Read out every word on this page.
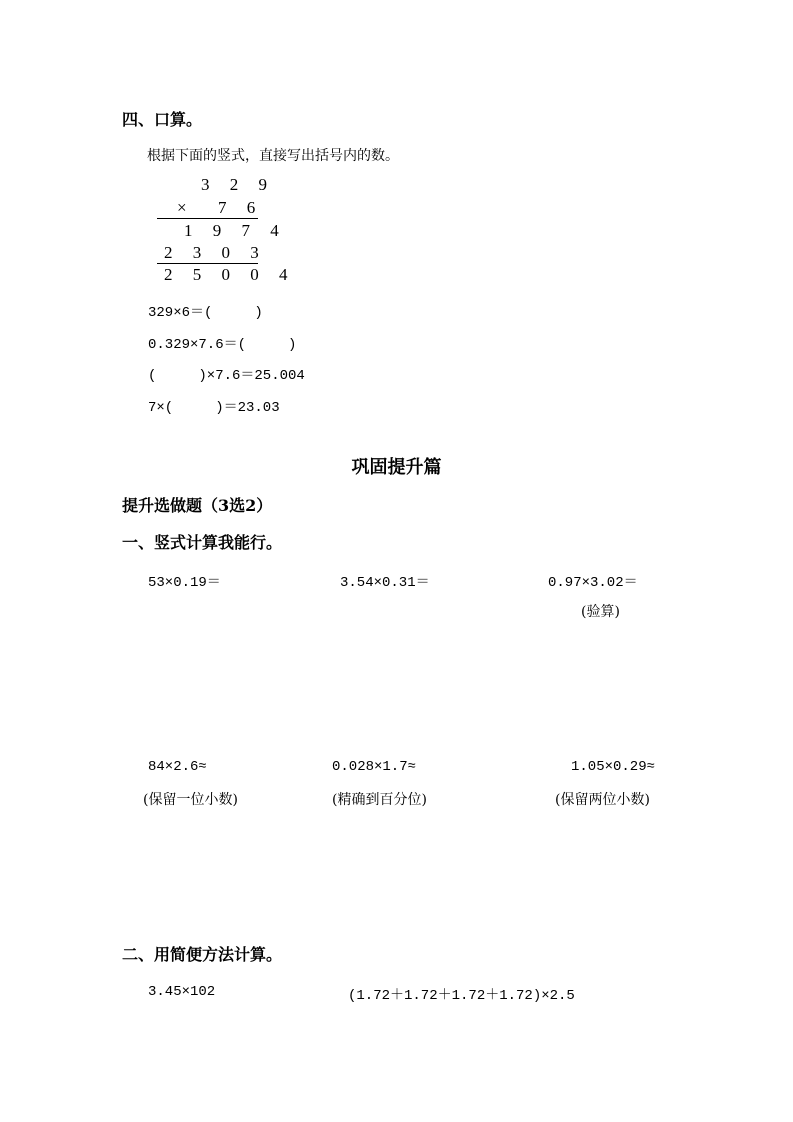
四、口算。
根据下面的竖式，直接写出括号内的数。
3 2 9
× 7 6
1 9 7 4
2 3 0 3
2 5 0 0 4
329×6＝(　　　)
0.329×7.6＝(　　　)
(　　　)×7.6＝25.004
7×(　　　)＝23.03
巩固提升篇
提升选做题（3选2）
一、竖式计算我能行。
53×0.19＝	3.54×0.31＝	0.97×3.02＝
(验算)
84×2.6≈	0.028×1.7≈	1.05×0.29≈
(保留一位小数)	(精确到百分位)	(保留两位小数)
二、用简便方法计算。
3.45×102	(1.72＋1.72＋1.72＋1.72)×2.5
